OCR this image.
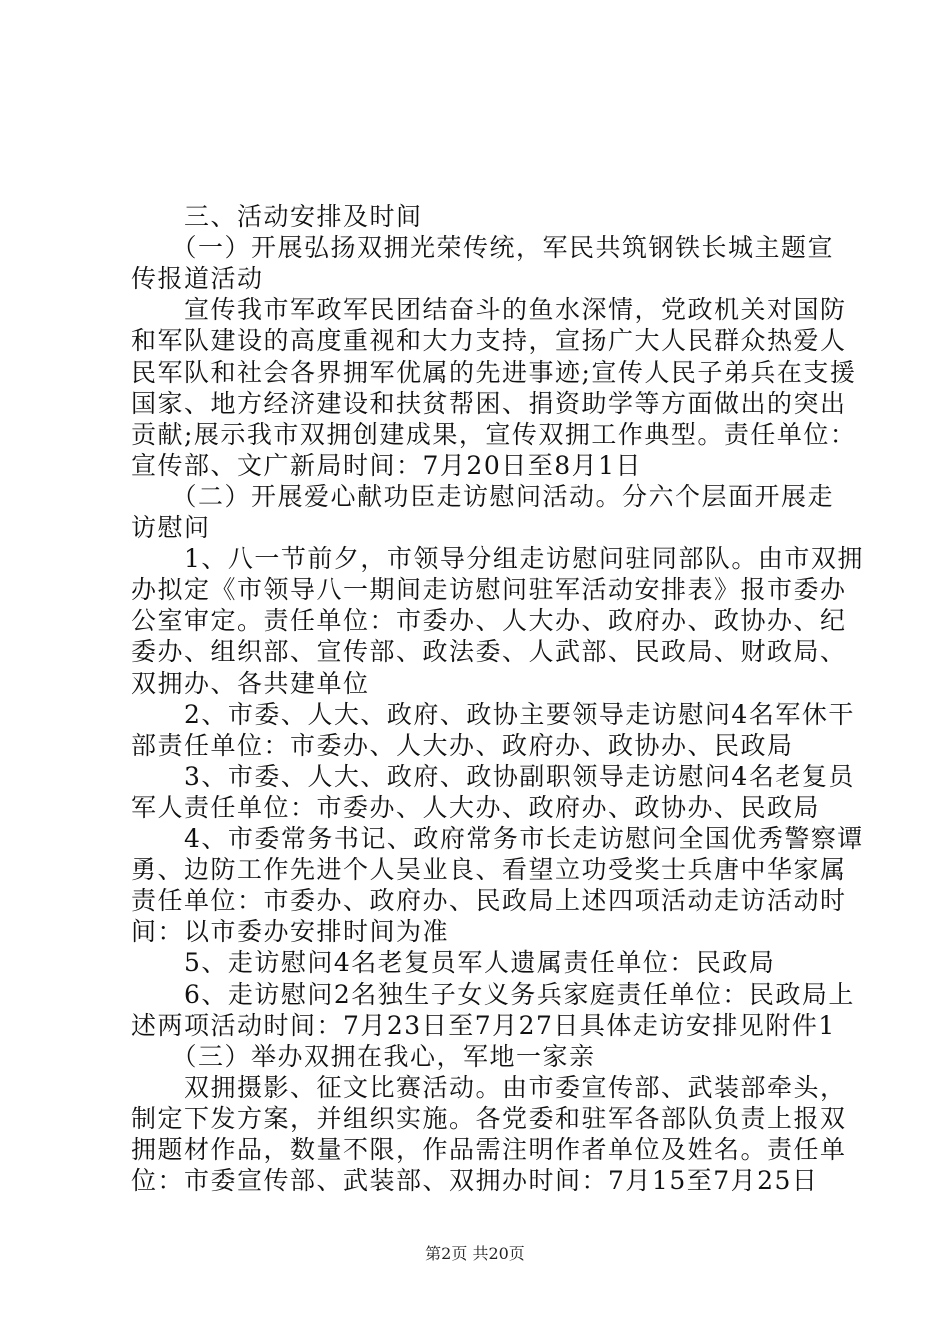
　　三、活动安排及时间
　　（一）开展弘扬双拥光荣传统，军民共筑钢铁长城主题宣
传报道活动
　　宣传我市军政军民团结奋斗的鱼水深情，党政机关对国防
和军队建设的高度重视和大力支持，宣扬广大人民群众热爱人
民军队和社会各界拥军优属的先进事迹;宣传人民子弟兵在支援
国家、地方经济建设和扶贫帮困、捐资助学等方面做出的突出
贡献;展示我市双拥创建成果，宣传双拥工作典型。责任单位：
宣传部、文广新局时间：7月20日至8月1日
　　（二）开展爱心献功臣走访慰问活动。分六个层面开展走
访慰问
　　1、八一节前夕，市领导分组走访慰问驻同部队。由市双拥
办拟定《市领导八一期间走访慰问驻军活动安排表》报市委办
公室审定。责任单位：市委办、人大办、政府办、政协办、纪
委办、组织部、宣传部、政法委、人武部、民政局、财政局、
双拥办、各共建单位
　　2、市委、人大、政府、政协主要领导走访慰问4名军休干
部责任单位：市委办、人大办、政府办、政协办、民政局
　　3、市委、人大、政府、政协副职领导走访慰问4名老复员
军人责任单位：市委办、人大办、政府办、政协办、民政局
　　4、市委常务书记、政府常务市长走访慰问全国优秀警察谭
勇、边防工作先进个人吴业良、看望立功受奖士兵唐中华家属
责任单位：市委办、政府办、民政局上述四项活动走访活动时
间：以市委办安排时间为准
　　5、走访慰问4名老复员军人遗属责任单位：民政局
　　6、走访慰问2名独生子女义务兵家庭责任单位：民政局上
述两项活动时间：7月23日至7月27日具体走访安排见附件1
　　（三）举办双拥在我心，军地一家亲
　　双拥摄影、征文比赛活动。由市委宣传部、武装部牵头，
制定下发方案，并组织实施。各党委和驻军各部队负责上报双
拥题材作品，数量不限，作品需注明作者单位及姓名。责任单
位：市委宣传部、武装部、双拥办时间：7月15至7月25日
第2页 共20页
